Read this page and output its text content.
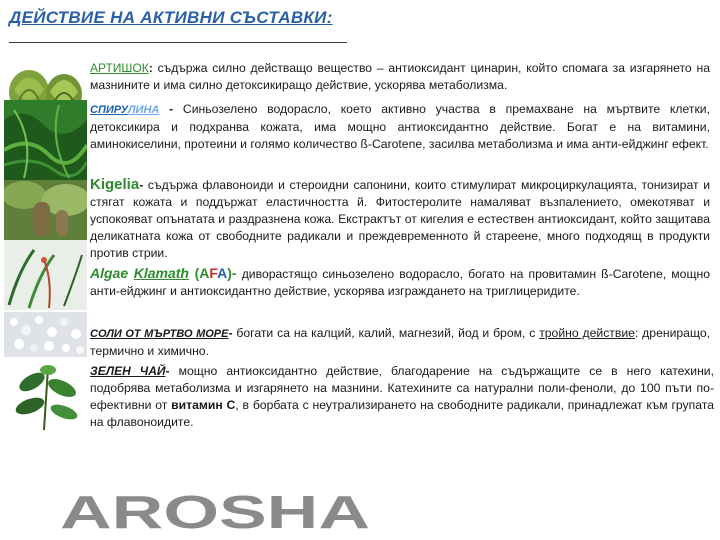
ДЕЙСТВИЕ НА АКТИВНИ СЪСТАВКИ:
АРТИШОК: съдържа силно действащо вещество – антиоксидант цинарин, който спомага за изгарянето на мазнините и има силно детоксикиращо действие, ускорява метаболизма.
СПИРУЛИНА - Синьозелено водорасло, което активно участва в премахване на мъртвите клетки, детоксикира и подхранва кожата, има мощно антиоксидантно действие. Богат е на витамини, аминокиселини, протеини и голямо количество ß-Carotene, засилва метаболизма и има анти-ейджинг ефект.
Kigelia- съдържа флавоноиди и стероидни сапонини, които стимулират микроциркулацията, тонизират и стягат кожата и поддържат еластичността й. Фитостеролите намаляват възпалението, омекотяват и успокояват опънатата и раздразнена кожа. Екстрактът от кигелия е естествен антиоксидант, който защитава деликатната кожа от свободните радикали и преждевременното й стареене, много подходящ в продукти против стрии.
Algae Klamath (AFA)- диворастящо синьозелено водорасло, богато на провитамин ß-Carotene, мощно анти-ейджинг и антиоксидантно действие, ускорява изграждането на триглицеридите.
СОЛИ ОТ МЪРТВО МОРЕ- богати са на калций, калий, магнезий, йод и бром, с тройно действие: дрениращо, термично и химично.
ЗЕЛЕН ЧАЙ- мощно антиоксидантно действие, благодарение на съдържащите се в него катехини, подобрява метаболизма и изгарянето на мазнини. Катехините са натурални поли-феноли, до 100 пъти по-ефективни от витамин С, в борбата с неутрализирането на свободните радикали, принадлежат към групата на флавоноидите.
AROSHA
